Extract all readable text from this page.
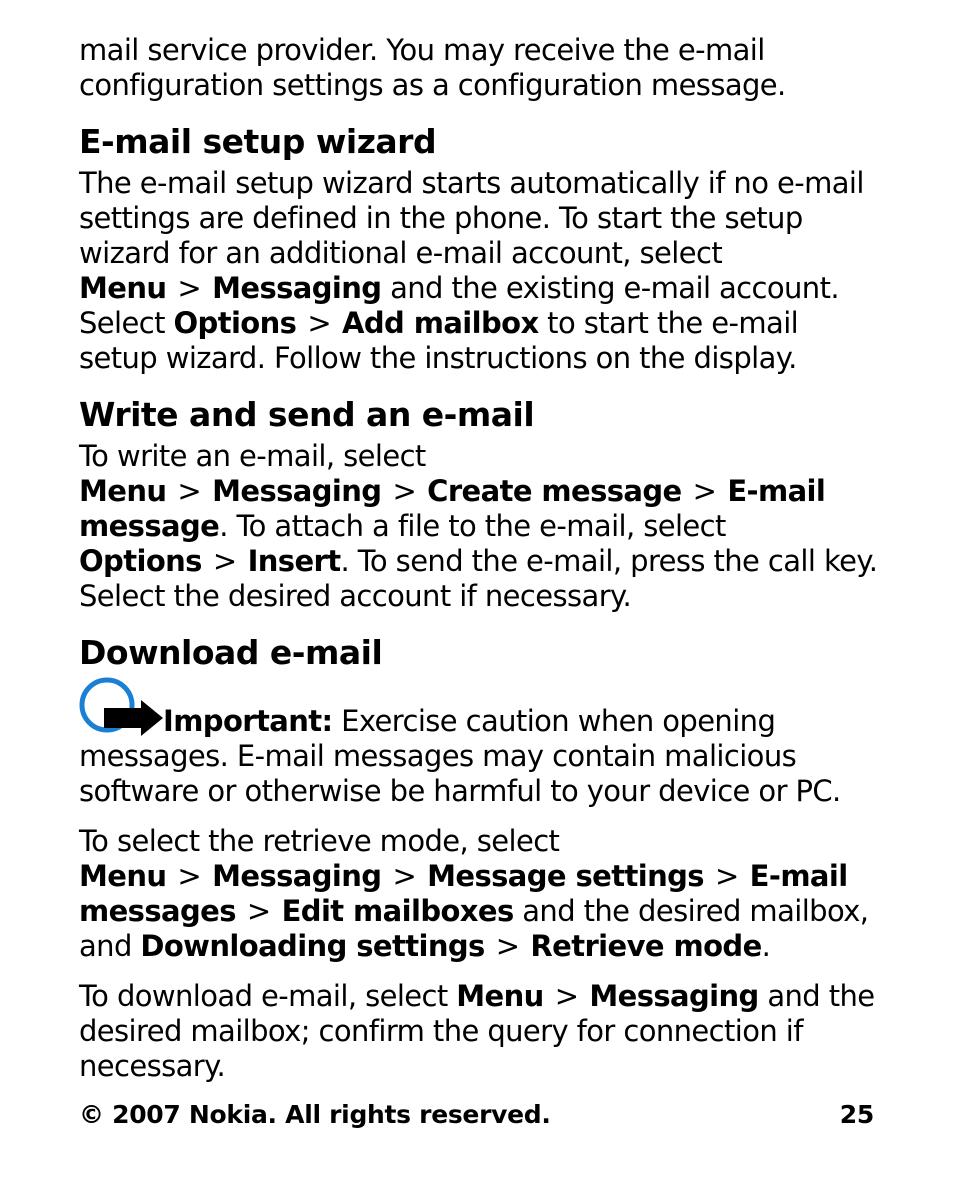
mail service provider. You may receive the e-mail configuration settings as a configuration message.

E-mail setup wizard

The e-mail setup wizard starts automatically if no e-mail settings are defined in the phone. To start the setup wizard for an additional e-mail account, select Menu > Messaging and the existing e-mail account. Select Options > Add mailbox to start the e-mail setup wizard. Follow the instructions on the display.

Write and send an e-mail

To write an e-mail, select Menu > Messaging > Create message > E-mail message. To attach a file to the e-mail, select Options > Insert. To send the e-mail, press the call key. Select the desired account if necessary.

Download e-mail

Important: Exercise caution when opening messages. E-mail messages may contain malicious software or otherwise be harmful to your device or PC.

To select the retrieve mode, select Menu > Messaging > Message settings > E-mail messages > Edit mailboxes and the desired mailbox, and Downloading settings > Retrieve mode.

To download e-mail, select Menu > Messaging and the desired mailbox; confirm the query for connection if necessary.

© 2007 Nokia. All rights reserved.	25
